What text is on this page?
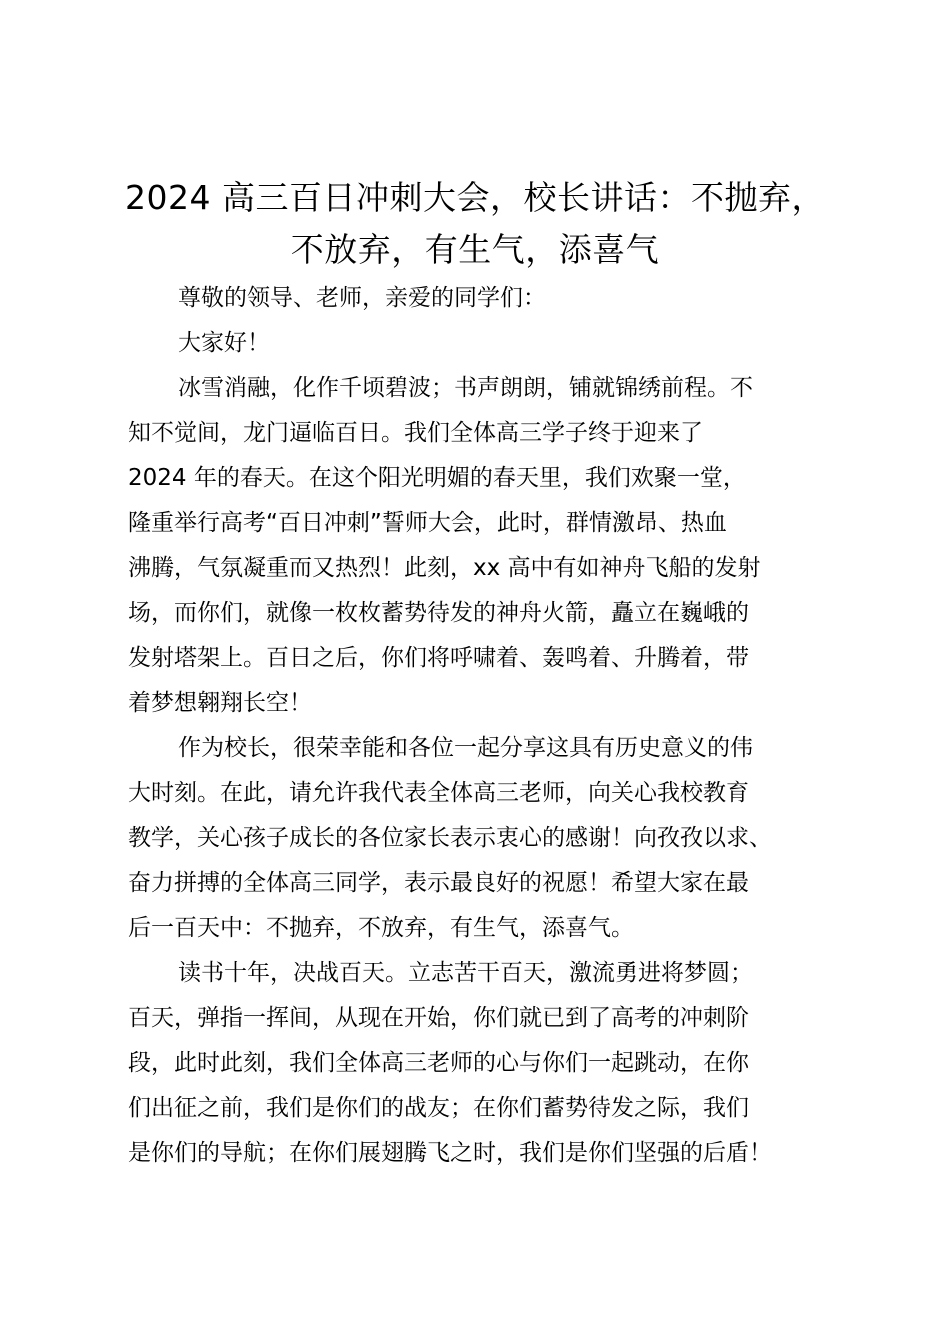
2024 高三百日冲刺大会，校长讲话：不抛弃，
不放弃，有生气，添喜气
尊敬的领导、老师，亲爱的同学们：
大家好！
冰雪消融，化作千顷碧波；书声朗朗，铺就锦绣前程。不
知不觉间，龙门逼临百日。我们全体高三学子终于迎来了
2024 年的春天。在这个阳光明媚的春天里，我们欢聚一堂，
隆重举行高考“百日冲刺”誓师大会，此时，群情激昂、热血
沸腾，气氛凝重而又热烈！此刻，xx 高中有如神舟飞船的发射
场，而你们，就像一枚枚蓄势待发的神舟火箭，矗立在巍峨的
发射塔架上。百日之后，你们将呼啸着、轰鸣着、升腾着，带
着梦想翱翔长空！
作为校长，很荣幸能和各位一起分享这具有历史意义的伟
大时刻。在此，请允许我代表全体高三老师，向关心我校教育
教学，关心孩子成长的各位家长表示衷心的感谢！向孜孜以求、
奋力拼搏的全体高三同学，表示最良好的祝愿！希望大家在最
后一百天中：不抛弃，不放弃，有生气，添喜气。
读书十年，决战百天。立志苦干百天，激流勇进将梦圆；
百天，弹指一挥间，从现在开始，你们就已到了高考的冲刺阶
段，此时此刻，我们全体高三老师的心与你们一起跳动，在你
们出征之前，我们是你们的战友；在你们蓄势待发之际，我们
是你们的导航；在你们展翅腾飞之时，我们是你们坚强的后盾！
